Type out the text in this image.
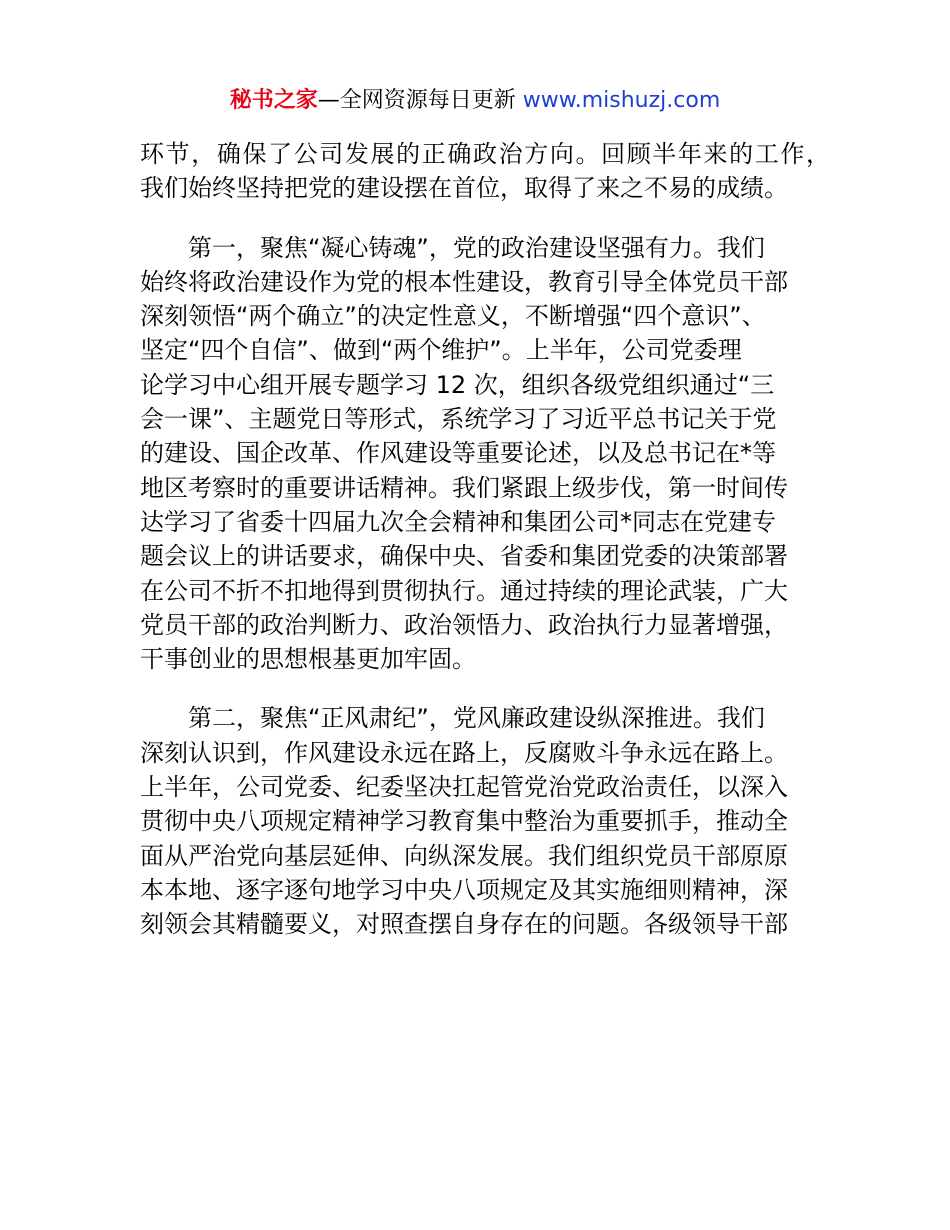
秘书之家—全网资源每日更新 www.mishuzj.com

环节，确保了公司发展的正确政治方向。回顾半年来的工作，
我们始终坚持把党的建设摆在首位，取得了来之不易的成绩。

第一，聚焦“凝心铸魂”，党的政治建设坚强有力。我们
始终将政治建设作为党的根本性建设，教育引导全体党员干部
深刻领悟“两个确立”的决定性意义，不断增强“四个意识”、
坚定“四个自信”、做到“两个维护”。上半年，公司党委理
论学习中心组开展专题学习 12 次，组织各级党组织通过“三
会一课”、主题党日等形式，系统学习了习近平总书记关于党
的建设、国企改革、作风建设等重要论述，以及总书记在*等
地区考察时的重要讲话精神。我们紧跟上级步伐，第一时间传
达学习了省委十四届九次全会精神和集团公司*同志在党建专
题会议上的讲话要求，确保中央、省委和集团党委的决策部署
在公司不折不扣地得到贯彻执行。通过持续的理论武装，广大
党员干部的政治判断力、政治领悟力、政治执行力显著增强，
干事创业的思想根基更加牢固。

第二，聚焦“正风肃纪”，党风廉政建设纵深推进。我们
深刻认识到，作风建设永远在路上，反腐败斗争永远在路上。
上半年，公司党委、纪委坚决扛起管党治党政治责任，以深入
贯彻中央八项规定精神学习教育集中整治为重要抓手，推动全
面从严治党向基层延伸、向纵深发展。我们组织党员干部原原
本本地、逐字逐句地学习中央八项规定及其实施细则精神，深
刻领会其精髓要义，对照查摆自身存在的问题。各级领导干部
